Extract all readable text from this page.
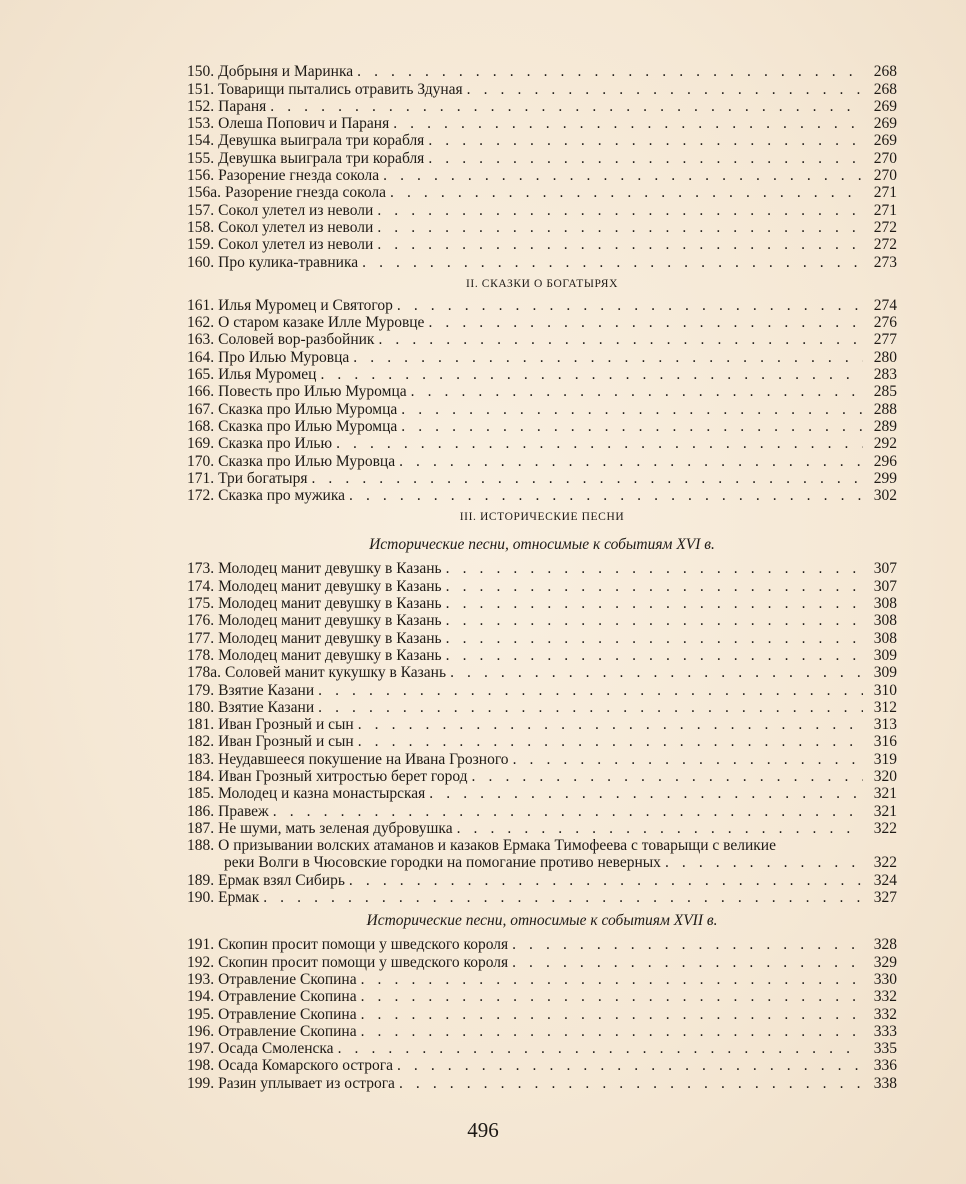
150. Добрыня и Маринка . . .	268
151. Товарищи пытались отравить Здуная . . .	268
152. Параня . . .	269
153. Олеша Попович и Параня . . .	269
154. Девушка выиграла три корабля . . .	269
155. Девушка выиграла три корабля . . .	270
156. Разорение гнезда сокола . . .	270
156а. Разорение гнезда сокола . . .	271
157. Сокол улетел из неволи . . .	271
158. Сокол улетел из неволи . . .	272
159. Сокол улетел из неволи . . .	272
160. Про кулика-травника . . .	273
II. СКАЗКИ О БОГАТЫРЯХ
161. Илья Муромец и Святогор . . .	274
162. О старом казаке Илле Муровце . . .	276
163. Соловей вор-разбойник . . .	277
164. Про Илью Муровца . . .	280
165. Илья Муромец . . .	283
166. Повесть про Илью Муромца . . .	285
167. Сказка про Илью Муромца . . .	288
168. Сказка про Илью Муромца . . .	289
169. Сказка про Илью . . .	292
170. Сказка про Илью Муровца . . .	296
171. Три богатыря . . .	299
172. Сказка про мужика . . .	302
III. ИСТОРИЧЕСКИЕ ПЕСНИ
Исторические песни, относимые к событиям XVI в.
173. Молодец манит девушку в Казань . . .	307
174. Молодец манит девушку в Казань . . .	307
175. Молодец манит девушку в Казань . . .	308
176. Молодец манит девушку в Казань . . .	308
177. Молодец манит девушку в Казань . . .	308
178. Молодец манит девушку в Казань . . .	309
178а. Соловей манит кукушку в Казань . . .	309
179. Взятие Казани . . .	310
180. Взятие Казани . . .	312
181. Иван Грозный и сын . . .	313
182. Иван Грозный и сын . . .	316
183. Неудавшееся покушение на Ивана Грозного . . .	319
184. Иван Грозный хитростью берет город . . .	320
185. Молодец и казна монастырская . . .	321
186. Правеж . . .	321
187. Не шуми, мать зеленая дубровушка . . .	322
188. О призывании волских атаманов и казаков Ермака Тимофеева с товарыщи с великие
реки Волги в Чюсовские городки на помогание противо неверных . . .	322
189. Ермак взял Сибирь . . .	324
190. Ермак . . .	327
Исторические песни, относимые к событиям XVII в.
191. Скопин просит помощи у шведского короля . . .	328
192. Скопин просит помощи у шведского короля . . .	329
193. Отравление Скопина . . .	330
194. Отравление Скопина . . .	332
195. Отравление Скопина . . .	332
196. Отравление Скопина . . .	333
197. Осада Смоленска . . .	335
198. Осада Комарского острога . . .	336
199. Разин уплывает из острога . . .	338
496
